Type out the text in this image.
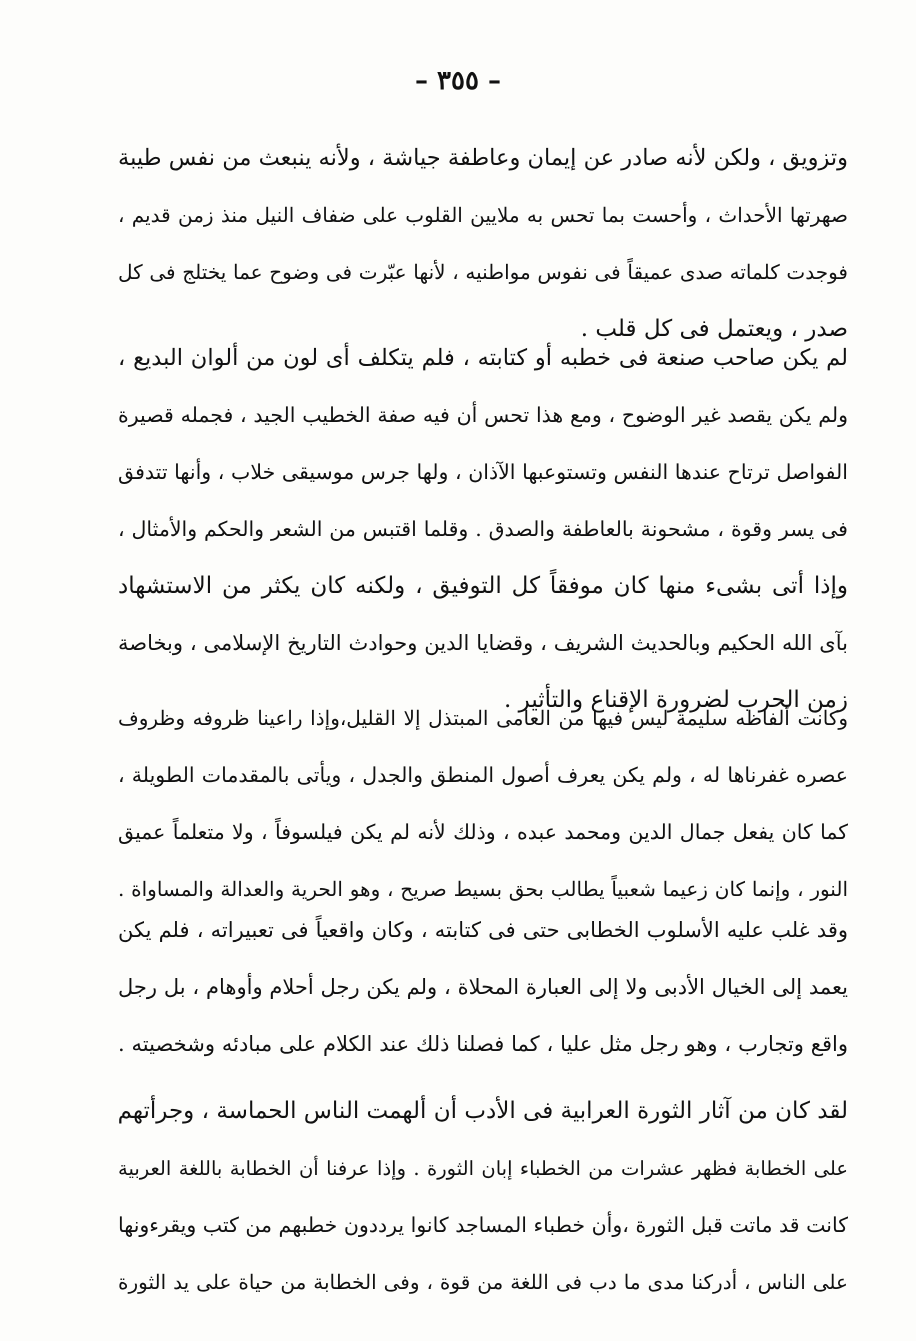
– ٣٥٥ –
وتزويق ، ولكن لأنه صادر عن إيمان وعاطفة جياشة ، ولأنه ينبعث من نفس طيبة
صهرتها الأحداث ، وأحست بما تحس به ملايين القلوب على ضفاف النيل منذ زمن قديم ،
فوجدت كلماته صدى عميقاً فى نفوس مواطنيه ، لأنها عبّرت فى وضوح عما يختلج فى كل
صدر ، ويعتمل فى كل قلب .
لم يكن صاحب صنعة فى خطبه أو كتابته ، فلم يتكلف أى لون من ألوان البديع ،
ولم يكن يقصد غير الوضوح ، ومع هذا تحس أن فيه صفة الخطيب الجيد ، فجمله قصيرة
الفواصل ترتاح عندها النفس وتستوعبها الآذان ، ولها جرس موسيقى خلاب ، وأنها تتدفق
فى يسر وقوة ، مشحونة بالعاطفة والصدق . وقلما اقتبس من الشعر والحكم والأمثال ،
وإذا أتى بشىء منها كان موفقاً كل التوفيق ، ولكنه كان يكثر من الاستشهاد
بآى الله الحكيم وبالحديث الشريف ، وقضايا الدين وحوادث التاريخ الإسلامى ، وبخاصة
زمن الحرب لضرورة الإقناع والتأثير .
وكانت ألفاظه سليمة ليس فيها من العامى المبتذل إلا القليل،وإذا راعينا ظروفه وظروف
عصره غفرناها له ، ولم يكن يعرف أصول المنطق والجدل ، ويأتى بالمقدمات الطويلة ،
كما كان يفعل جمال الدين ومحمد عبده ، وذلك لأنه لم يكن فيلسوفاً ، ولا متعلماً عميق
النور ، وإنما كان زعيما شعبياً يطالب بحق بسيط صريح ، وهو الحرية والعدالة والمساواة .
وقد غلب عليه الأسلوب الخطابى حتى فى كتابته ، وكان واقعياً فى تعبيراته ، فلم يكن
يعمد إلى الخيال الأدبى ولا إلى العبارة المحلاة ، ولم يكن رجل أحلام وأوهام ، بل رجل
واقع وتجارب ، وهو رجل مثل عليا ، كما فصلنا ذلك عند الكلام على مبادئه وشخصيته .
لقد كان من آثار الثورة العرابية فى الأدب أن ألهمت الناس الحماسة ، وجرأتهم
على الخطابة فظهر عشرات من الخطباء إبان الثورة . وإذا عرفنا أن الخطابة باللغة العربية
كانت قد ماتت قبل الثورة ،وأن خطباء المساجد كانوا يرددون خطبهم من كتب ويقرءونها
على الناس ، أدركنا مدى ما دب فى اللغة من قوة ، وفى الخطابة من حياة على يد الثورة
